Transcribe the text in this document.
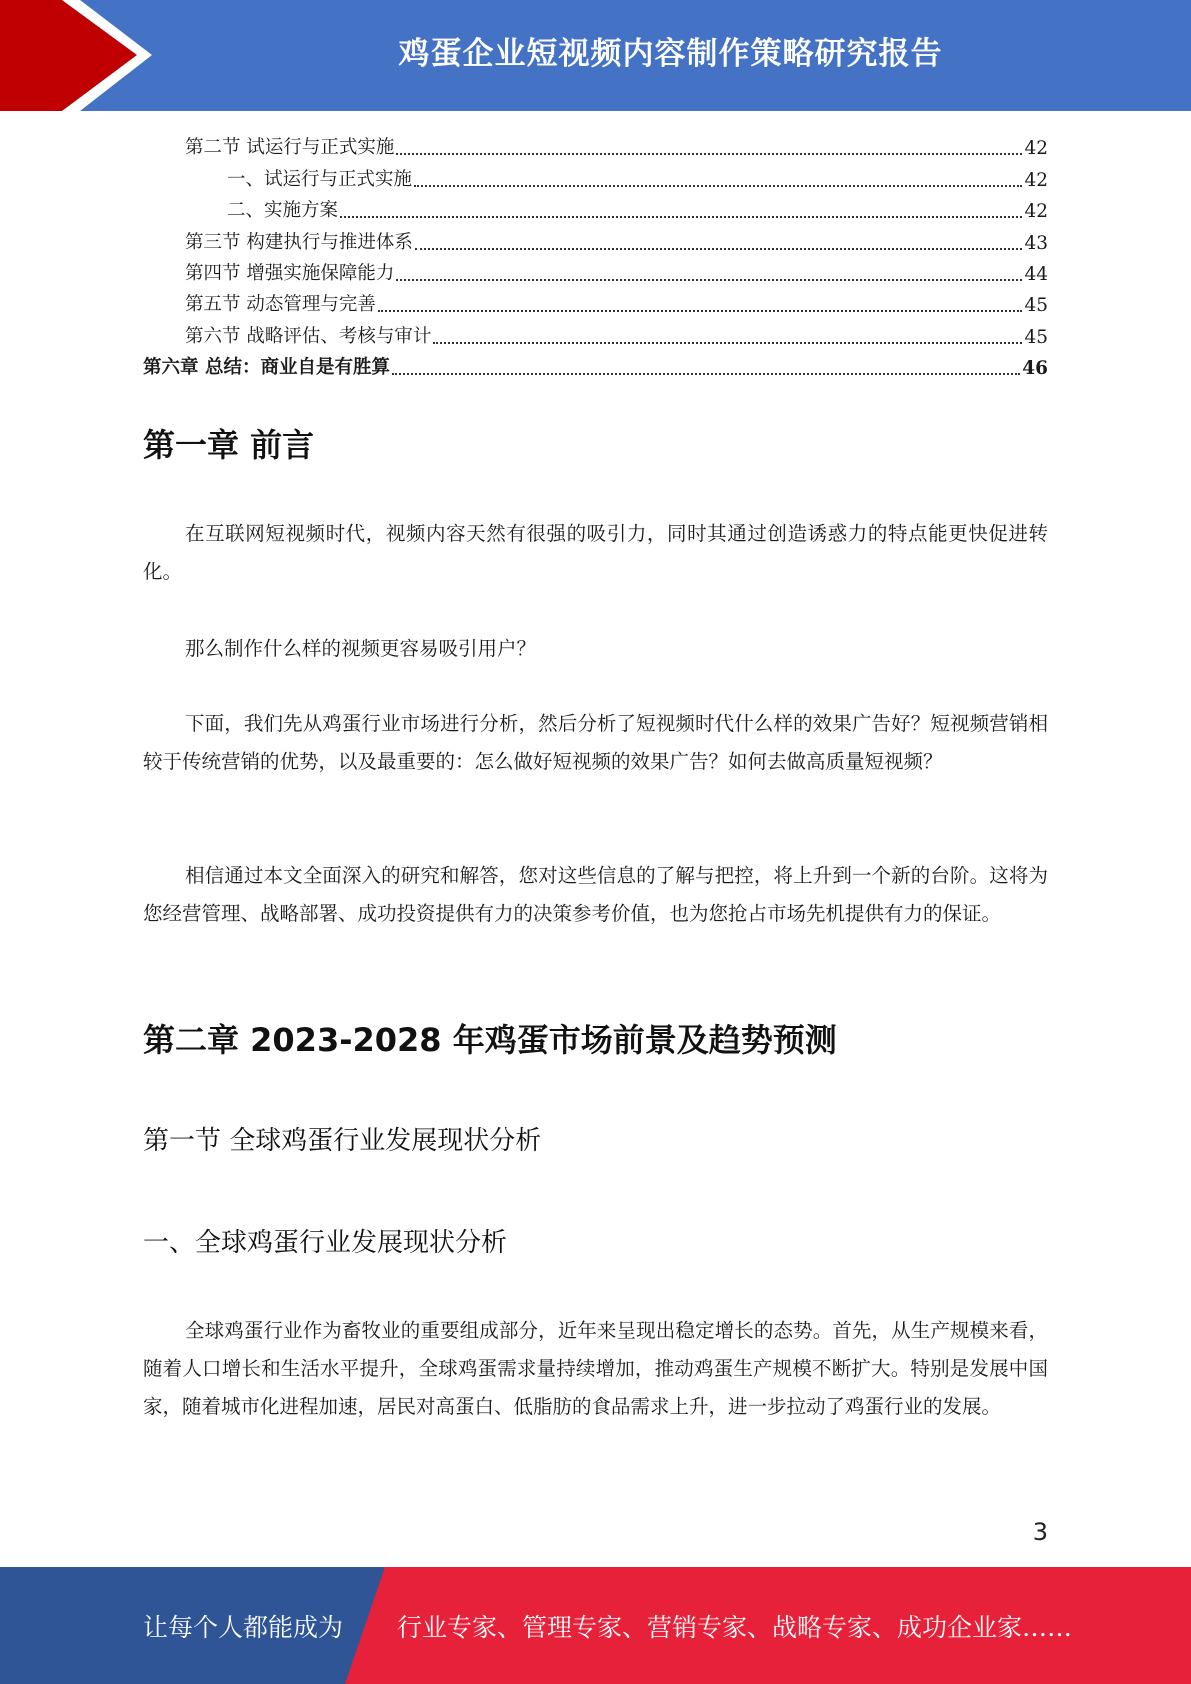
鸡蛋企业短视频内容制作策略研究报告
第二节 试运行与正式实施	42
一、试运行与正式实施	42
二、实施方案	42
第三节 构建执行与推进体系	43
第四节 增强实施保障能力	44
第五节 动态管理与完善	45
第六节 战略评估、考核与审计	45
第六章 总结：商业自是有胜算	46
第一章 前言

在互联网短视频时代，视频内容天然有很强的吸引力，同时其通过创造诱惑力的特点能更快促进转化。

那么制作什么样的视频更容易吸引用户？

下面，我们先从鸡蛋行业市场进行分析，然后分析了短视频时代什么样的效果广告好？短视频营销相较于传统营销的优势，以及最重要的：怎么做好短视频的效果广告？如何去做高质量短视频？

相信通过本文全面深入的研究和解答，您对这些信息的了解与把控，将上升到一个新的台阶。这将为您经营管理、战略部署、成功投资提供有力的决策参考价值，也为您抢占市场先机提供有力的保证。

第二章 2023-2028 年鸡蛋市场前景及趋势预测
第一节 全球鸡蛋行业发展现状分析
一、全球鸡蛋行业发展现状分析

全球鸡蛋行业作为畜牧业的重要组成部分，近年来呈现出稳定增长的态势。首先，从生产规模来看，随着人口增长和生活水平提升，全球鸡蛋需求量持续增加，推动鸡蛋生产规模不断扩大。特别是发展中国家，随着城市化进程加速，居民对高蛋白、低脂肪的食品需求上升，进一步拉动了鸡蛋行业的发展。

3
让每个人都能成为 行业专家、管理专家、营销专家、战略专家、成功企业家……
